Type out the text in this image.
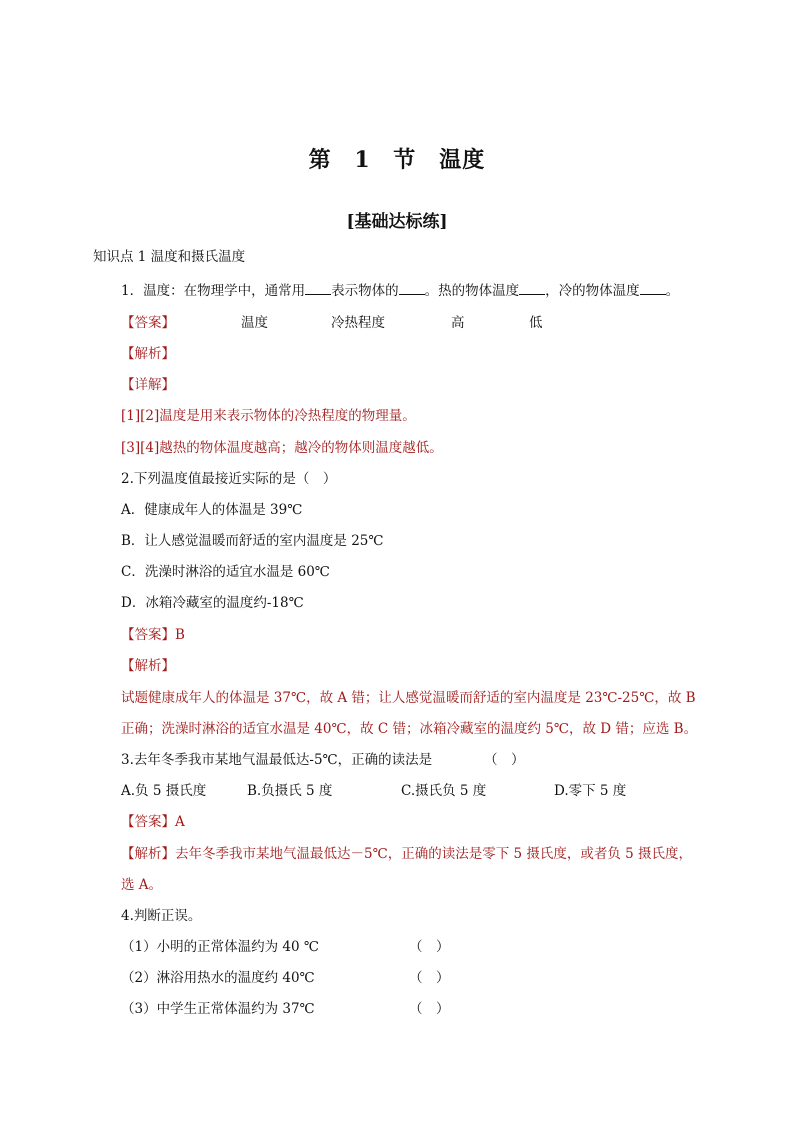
第 1 节　温度
[基础达标练]
知识点 1 温度和摄氏温度
1．温度：在物理学中，通常用 表示物体的 。热的物体温度 ，冷的物体温度 。
【答案】	温度	冷热程度	高	低
【解析】
【详解】
[1][2]温度是用来表示物体的冷热程度的物理量。
[3][4]越热的物体温度越高；越冷的物体则温度越低。
2.下列温度值最接近实际的是（　）
A．健康成年人的体温是 39℃
B．让人感觉温暖而舒适的室内温度是 25℃
C．洗澡时淋浴的适宜水温是 60℃
D．冰箱冷藏室的温度约-18℃
【答案】B
【解析】
试题健康成年人的体温是 37℃，故 A 错；让人感觉温暖而舒适的室内温度是 23℃-25℃，故 B
正确；洗澡时淋浴的适宜水温是 40℃，故 C 错；冰箱冷藏室的温度约 5℃，故 D 错；应选 B。
3.去年冬季我市某地气温最低达-5℃，正确的读法是	（　）
A.负 5 摄氏度	B.负摄氏 5 度	C.摄氏负 5 度	D.零下 5 度
【答案】A
【解析】去年冬季我市某地气温最低达－5℃，正确的读法是零下 5 摄氏度，或者负 5 摄氏度，
选 A。
4.判断正误。
（1）小明的正常体温约为 40 ℃	（　）
（2）淋浴用热水的温度约 40℃	（　）
（3）中学生正常体温约为 37℃	（　）
